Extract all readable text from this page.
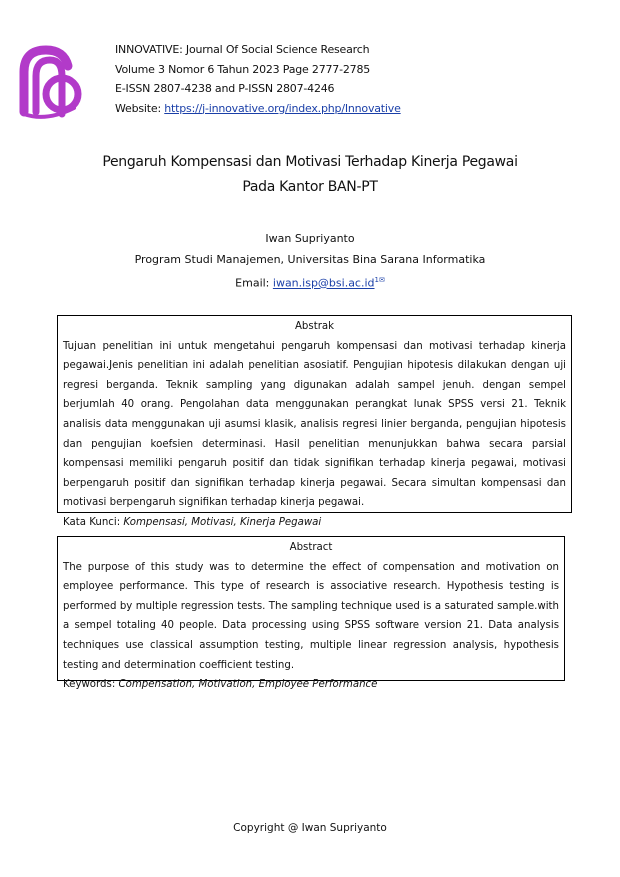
INNOVATIVE: Journal Of Social Science Research
Volume 3 Nomor 6 Tahun 2023 Page 2777-2785
E-ISSN 2807-4238 and P-ISSN 2807-4246
Website: https://j-innovative.org/index.php/Innovative
Pengaruh Kompensasi dan Motivasi Terhadap Kinerja Pegawai
Pada Kantor BAN-PT
Iwan Supriyanto
Program Studi Manajemen, Universitas Bina Sarana Informatika
Email: $iwan.isp@bsi.ac.id^{1✉}$
Abstrak

Tujuan penelitian ini untuk mengetahui pengaruh kompensasi dan motivasi terhadap kinerja pegawai.Jenis penelitian ini adalah penelitian asosiatif. Pengujian hipotesis dilakukan dengan uji regresi berganda. Teknik sampling yang digunakan adalah sampel jenuh. dengan sempel berjumlah 40 orang. Pengolahan data menggunakan perangkat lunak SPSS versi 21. Teknik analisis data menggunakan uji asumsi klasik, analisis regresi linier berganda, pengujian hipotesis dan pengujian koefsien determinasi. Hasil penelitian menunjukkan bahwa secara parsial kompensasi memiliki pengaruh positif dan tidak signifikan terhadap kinerja pegawai, motivasi berpengaruh positif dan signifikan terhadap kinerja pegawai. Secara simultan kompensasi dan motivasi berpengaruh signifikan terhadap kinerja pegawai.

Kata Kunci: Kompensasi, Motivasi, Kinerja Pegawai
Abstract

The purpose of this study was to determine the effect of compensation and motivation on employee performance. This type of research is associative research. Hypothesis testing is performed by multiple regression tests. The sampling technique used is a saturated sample.with a sempel totaling 40 people. Data processing using SPSS software version 21. Data analysis techniques use classical assumption testing, multiple linear regression analysis, hypothesis testing and determination coefficient testing.

Keywords: Compensation, Motivation, Employee Performance
Copyright @ Iwan Supriyanto
